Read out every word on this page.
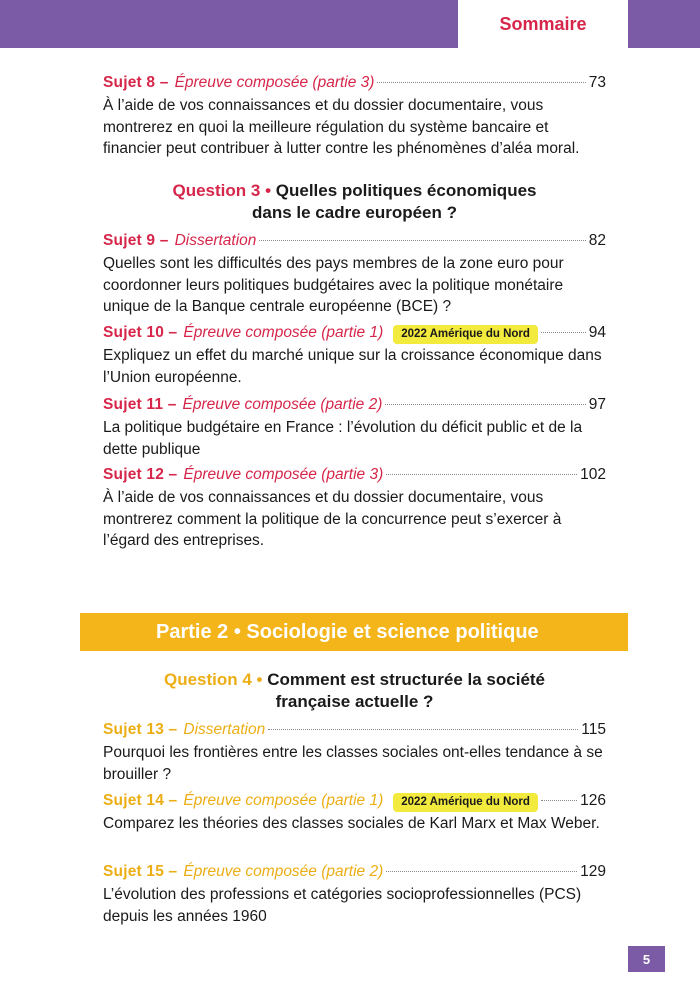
Sommaire
Sujet 8 – Épreuve composée (partie 3)	73
À l’aide de vos connaissances et du dossier documentaire, vous montrerez en quoi la meilleure régulation du système bancaire et financier peut contribuer à lutter contre les phénomènes d’aléa moral.
Question 3 • Quelles politiques économiques
dans le cadre européen ?
Sujet 9 – Dissertation	82
Quelles sont les difficultés des pays membres de la zone euro pour coordonner leurs politiques budgétaires avec la politique monétaire unique de la Banque centrale européenne (BCE) ?
Sujet 10 – Épreuve composée (partie 1)	2022 Amérique du Nord	94
Expliquez un effet du marché unique sur la croissance économique dans l’Union européenne.
Sujet 11 – Épreuve composée (partie 2)	97
La politique budgétaire en France : l’évolution du déficit public et de la dette publique
Sujet 12 – Épreuve composée (partie 3)	102
À l’aide de vos connaissances et du dossier documentaire, vous montrerez comment la politique de la concurrence peut s’exercer à l’égard des entreprises.
Partie 2 • Sociologie et science politique
Question 4 • Comment est structurée la société
française actuelle ?
Sujet 13 – Dissertation	115
Pourquoi les frontières entre les classes sociales ont-elles tendance à se brouiller ?
Sujet 14 – Épreuve composée (partie 1)	2022 Amérique du Nord	126
Comparez les théories des classes sociales de Karl Marx et Max Weber.
Sujet 15 – Épreuve composée (partie 2)	129
L’évolution des professions et catégories socioprofessionnelles (PCS) depuis les années 1960
5
